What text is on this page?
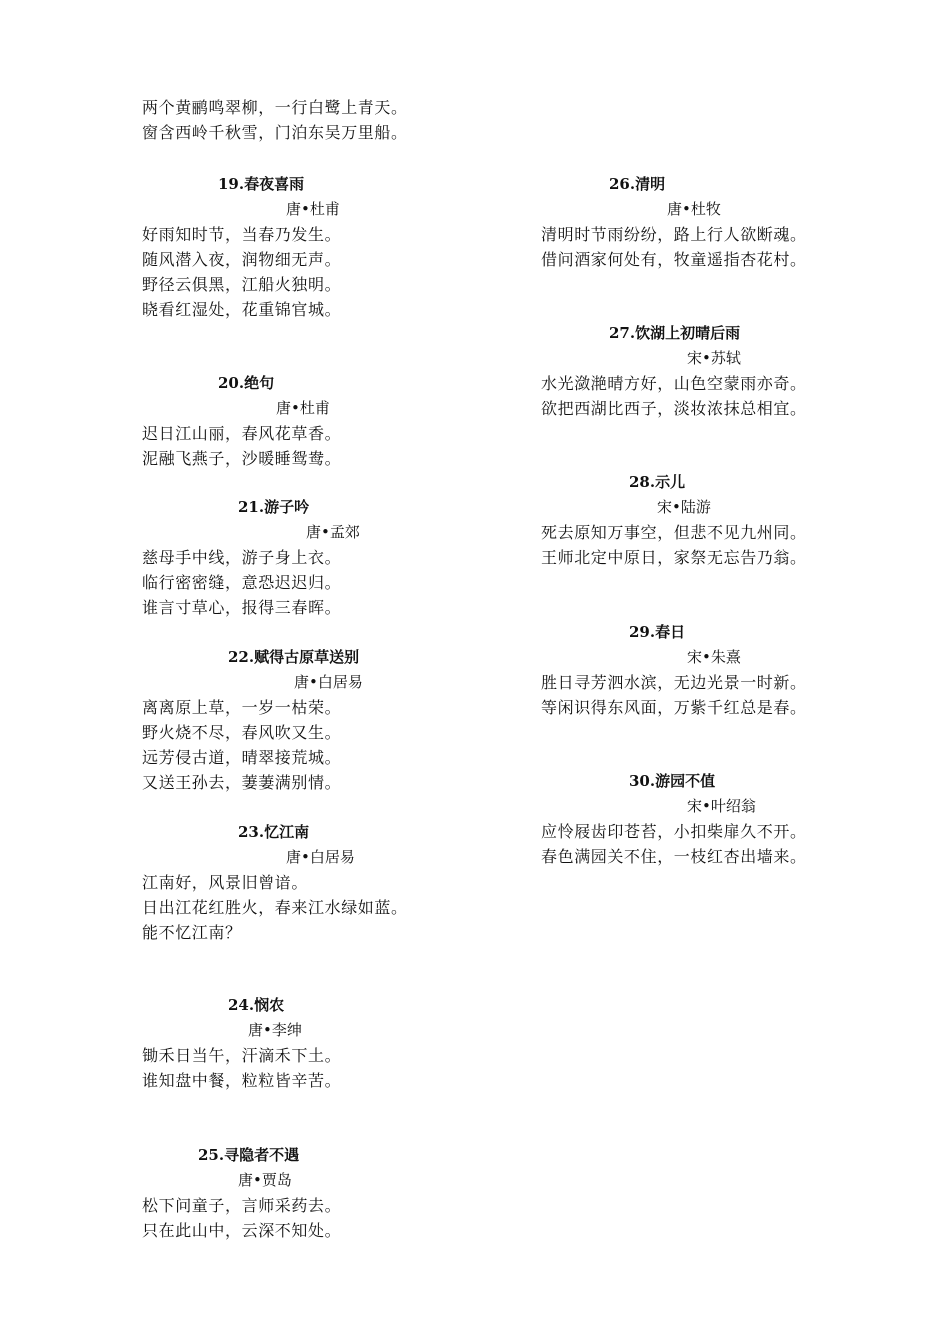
两个黄鹂鸣翠柳，一行白鹭上青天。
窗含西岭千秋雪，门泊东吴万里船。
19.春夜喜雨
唐•杜甫
好雨知时节，当春乃发生。
随风潜入夜，润物细无声。
野径云俱黑，江船火独明。
晓看红湿处，花重锦官城。
20.绝句
唐•杜甫
迟日江山丽，春风花草香。
泥融飞燕子，沙暖睡鸳鸯。
21.游子吟
唐•孟郊
慈母手中线，游子身上衣。
临行密密缝，意恐迟迟归。
谁言寸草心，报得三春晖。
22.赋得古原草送别
唐•白居易
离离原上草，一岁一枯荣。
野火烧不尽，春风吹又生。
远芳侵古道，晴翠接荒城。
又送王孙去，萋萋满别情。
23.忆江南
唐•白居易
江南好，风景旧曾谙。
日出江花红胜火，春来江水绿如蓝。
能不忆江南？
24.悯农
唐•李绅
锄禾日当午，汗滴禾下土。
谁知盘中餐，粒粒皆辛苦。
25.寻隐者不遇
唐•贾岛
松下问童子，言师采药去。
只在此山中，云深不知处。
26.清明
唐•杜牧
清明时节雨纷纷，路上行人欲断魂。
借问酒家何处有，牧童遥指杏花村。
27.饮湖上初晴后雨
宋•苏轼
水光潋滟晴方好，山色空蒙雨亦奇。
欲把西湖比西子，淡妆浓抹总相宜。
28.示儿
宋•陆游
死去原知万事空，但悲不见九州同。
王师北定中原日，家祭无忘告乃翁。
29.春日
宋•朱熹
胜日寻芳泗水滨，无边光景一时新。
等闲识得东风面，万紫千红总是春。
30.游园不值
宋•叶绍翁
应怜屐齿印苍苔，小扣柴扉久不开。
春色满园关不住，一枝红杏出墙来。
